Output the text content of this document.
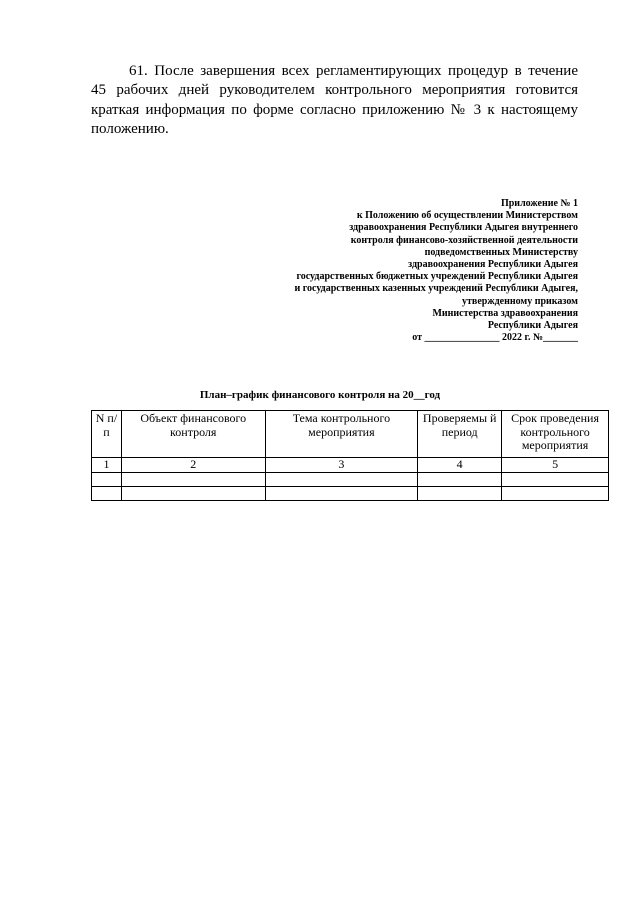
61. После завершения всех регламентирующих процедур в течение
45 рабочих дней руководителем контрольного мероприятия готовится
краткая информация по форме согласно приложению № 3 к настоящему
положению.
Приложение № 1
к Положению об осуществлении Министерством
здравоохранения Республики Адыгея внутреннего
контроля финансово-хозяйственной деятельности
подведомственных Министерству
здравоохранения Республики Адыгея
государственных бюджетных учреждений Республики Адыгея
и государственных казенных учреждений Республики Адыгея,
утвержденному приказом
Министерства здравоохранения
Республики Адыгея
от _______________ 2022 г. №_______
План–график финансового контроля на 20__год
N п/п	Объект финансового контроля	Тема контрольного мероприятия	Проверяемы й период	Срок проведения контрольного мероприятия
1	2	3	4	5
